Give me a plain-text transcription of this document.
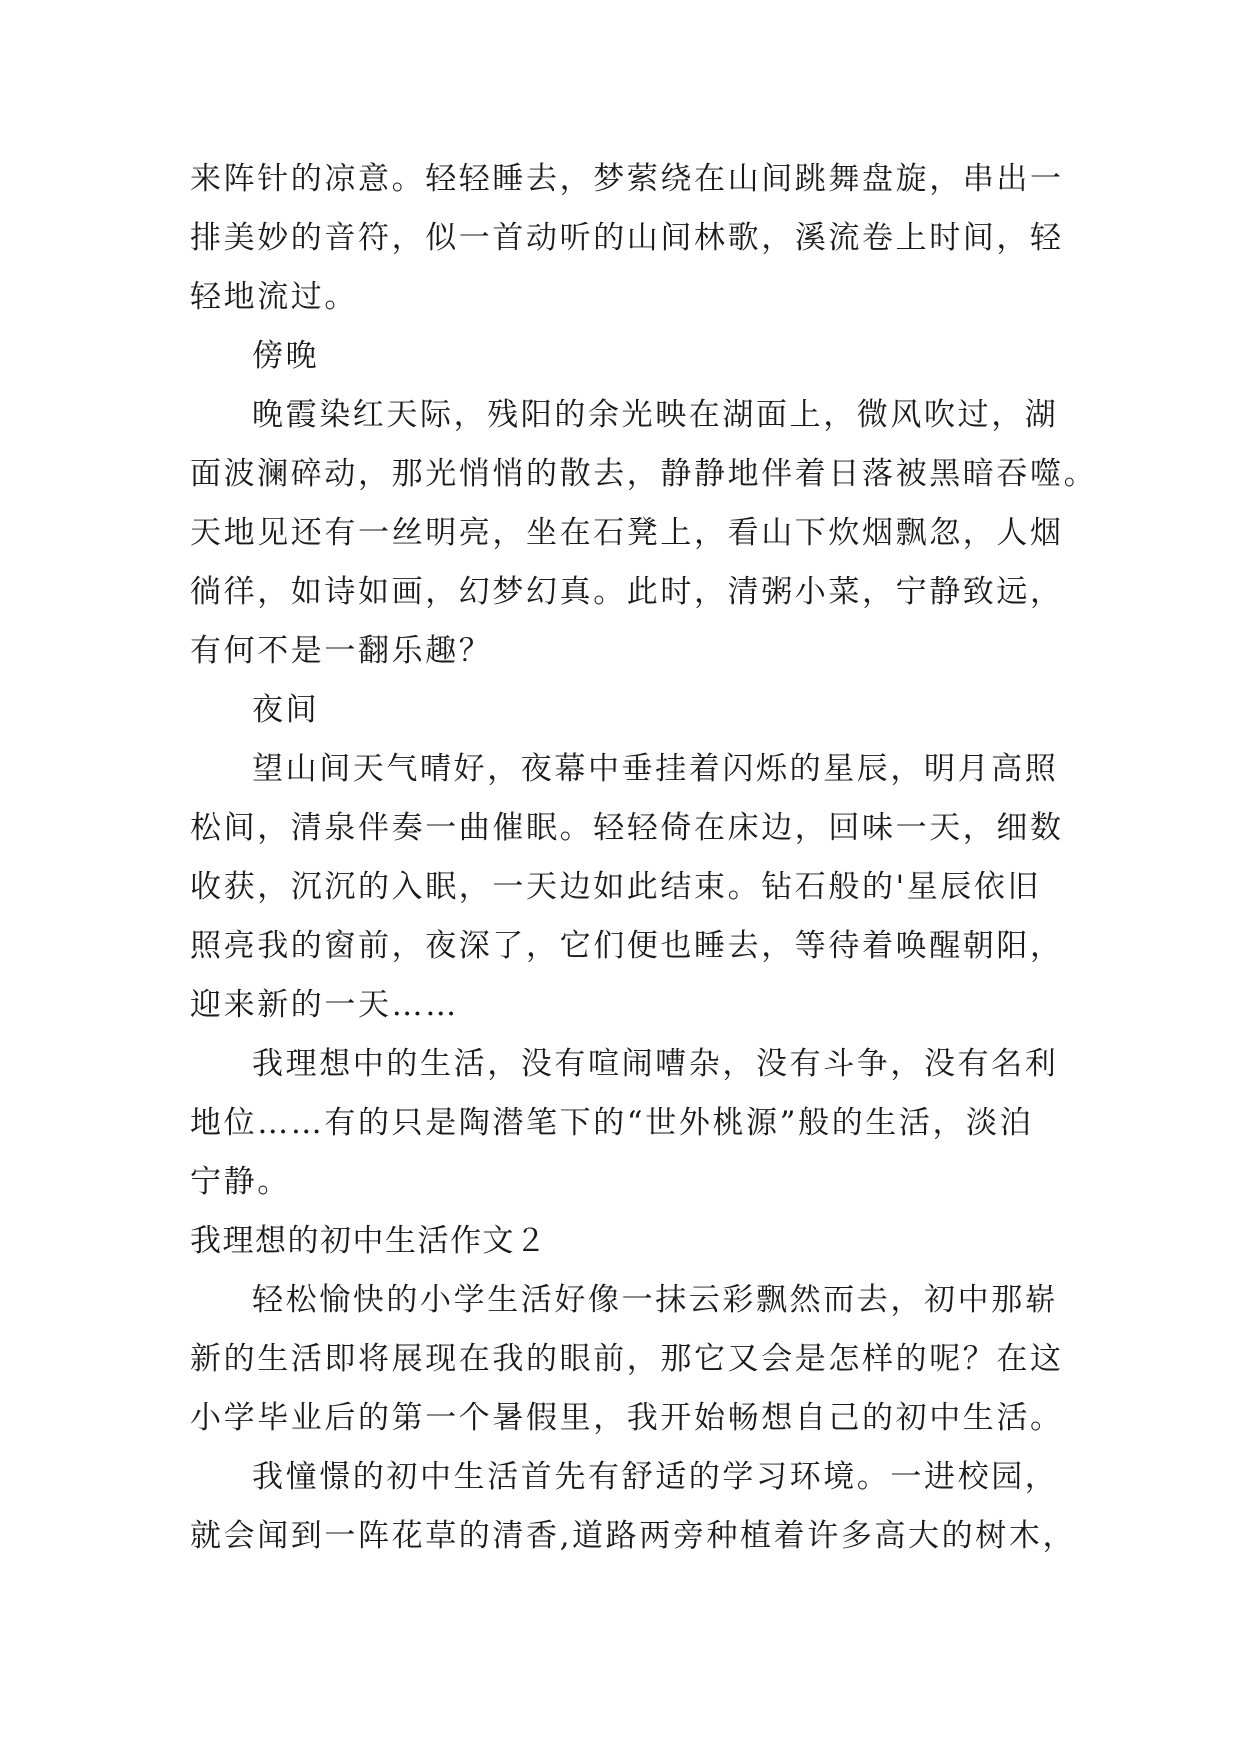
来阵针的凉意。轻轻睡去，梦萦绕在山间跳舞盘旋，串出一
排美妙的音符，似一首动听的山间林歌，溪流卷上时间，轻
轻地流过。
傍晚
晚霞染红天际，残阳的余光映在湖面上，微风吹过，湖
面波澜碎动，那光悄悄的散去，静静地伴着日落被黑暗吞噬。
天地见还有一丝明亮，坐在石凳上，看山下炊烟飘忽，人烟
徜徉，如诗如画，幻梦幻真。此时，清粥小菜，宁静致远，
有何不是一翻乐趣？
夜间
望山间天气晴好，夜幕中垂挂着闪烁的星辰，明月高照
松间，清泉伴奏一曲催眠。轻轻倚在床边，回味一天，细数
收获，沉沉的入眠，一天边如此结束。钻石般的'星辰依旧
照亮我的窗前，夜深了，它们便也睡去，等待着唤醒朝阳，
迎来新的一天……
我理想中的生活，没有喧闹嘈杂，没有斗争，没有名利
地位……有的只是陶潜笔下的“世外桃源”般的生活，淡泊
宁静。
我理想的初中生活作文２
轻松愉快的小学生活好像一抹云彩飘然而去，初中那崭
新的生活即将展现在我的眼前，那它又会是怎样的呢？在这
小学毕业后的第一个暑假里，我开始畅想自己的初中生活。
我憧憬的初中生活首先有舒适的学习环境。一进校园，
就会闻到一阵花草的清香,道路两旁种植着许多高大的树木，
